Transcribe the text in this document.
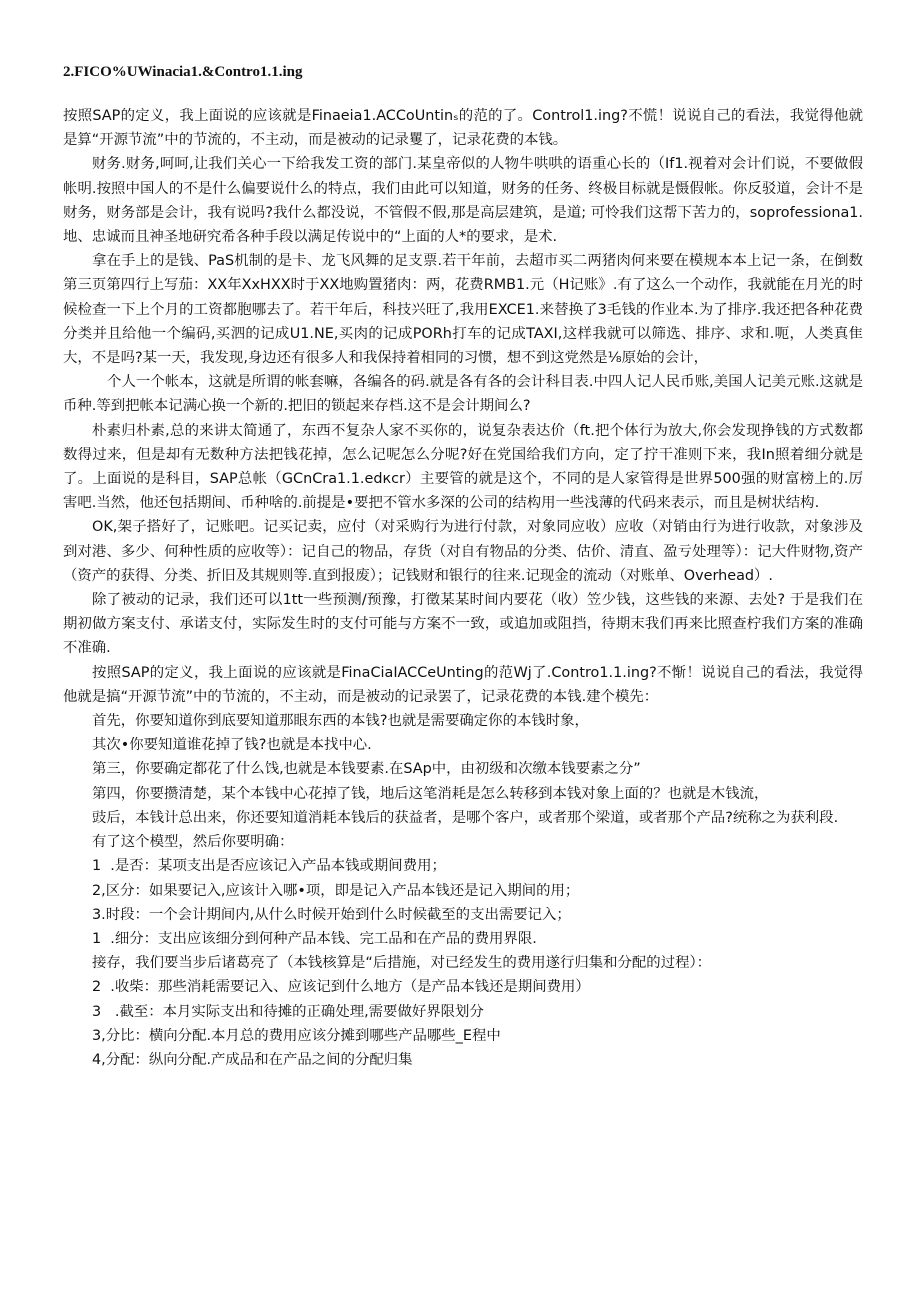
2.FICO%UWinacia1.&Contro1.1.ing

按照SAP的定义，我上面说的应该就是Finaeia1.ACCoUntinₛ的范的了。Control1.ing?不慌！说说自己的看法，我觉得他就是算“开源节流”中的节流的，不主动，而是被动的记录矍了，记录花费的本钱。

财务.财务,呵呵,让我们关心一下给我发工资的部门.某皇帝似的人物牛哄哄的语重心长的（If1.视着对会计们说，不要做假帐明.按照中国人的不是什么偏要说什么的特点，我们由此可以知道，财务的任务、终极目标就是慑假帐。你反驳道，会计不是财务，财务部是会计，我有说吗?我什么都没说，不管假不假,那是高层建筑，是道; 可怜我们这帮下苦力的，soprofessiona1.地、忠诚而且神圣地研究希各种手段以满足传说中的“上面的人*的要求，是术.

拿在手上的是钱、PaS机制的是卡、龙飞风舞的足支票.若干年前，去超市买二两猪肉何来要在模规本本上记一条，在倒数第三页第四行上写茄：XX年XxHXX时于XX地购置猪肉：两，花费RMB1.元（H记账》.有了这么一个动作，我就能在月光的时候检查一下上个月的工资都胞哪去了。若干年后，科技兴旺了,我用EXCE1.来替换了3毛钱的作业本.为了排序.我还把各种花费分类并且给他一个编码,买泗的记成U1.NE,买肉的记成PORh打车的记成TAXI,这样我就可以筛选、排序、求和.呃，人类真隹大，不是吗?某一天，我发现,身边还有很多人和我保持着相同的习惯，想不到这党然是⅛原始的会计，

个人一个帐本，这就是所谓的帐套嘛，各编各的码.就是各有各的会计科目表.中四人记人民币账,美国人记美元账.这就是币种.等到把帐本记满心换一个新的.把旧的锁起来存档.这不是会计期间么?

朴素归朴素,总的来讲太简通了，东西不复杂人家不买你的，说复杂表达价（ft.把个体行为放大,你会发现挣钱的方式数都数得过来，但是却有无数种方法把钱花掉，怎么记呢怎么分呢?好在党国给我们方向，定了拧干准则下来，我In照着细分就是了。上面说的是科目，SAP总帐（GCnCra1.1.edкcr）主要管的就是这个，不同的是人家管得是世界500强的财富榜上的.厉害吧.当然，他还包括期间、币种啥的.前提是•要把不管水多深的公司的结构用一些浅薄的代码来表示，而且是树状结构.

OK,架子搭好了，记账吧。记买记卖，应付（对采购行为进行付款，对象同应收）应收（对销由行为进行收款，对象涉及到对港、多少、何种性质的应收等）：记自己的物品，存货（对自有物品的分类、估价、清直、盈亏处理等）：记大件财物,资产（资产的获得、分类、折旧及其规则等.直到报废）；记钱财和银行的往来.记现金的流动（对账单、Overhead）.

除了被动的记录，我们还可以1tt一些预测/预豫，打徵某某时间内要花（收）笠少钱，这些钱的来源、去处? 于是我们在期初做方案支付、承诺支付，实际发生时的支付可能与方案不一致，或追加或阻挡，待期末我们再来比照查柠我们方案的准确不准确.

按照SAP的定义，我上面说的应该就是FinaCiaIACCeUnting的范Wj了.Contro1.1.ing?不惭！说说自己的看法，我觉得他就是搞“开源节流”中的节流的，不主动，而是被动的记录罢了，记录花费的本钱.建个模先：

首先，你要知道你到底要知道那眼东西的本钱?也就是需要确定你的本钱时象，

其次•你要知道谁花掉了钱?也就是本找中心.

第三，你要确定都花了什么饯,也就是本钱要素.在SAp中，由初级和次缴本钱要素之分”

第四，你要攒清楚，某个本钱中心花掉了钱，地后这笔消耗是怎么转移到本钱对象上面的？也就是木钱流，

豉后，本钱计总出来，你还要知道消耗本钱后的获益者，是哪个客户，或者那个梁道，或者那个产品?统称之为获利段.

有了这个模型，然后你要明确：

1  .是否：某项支出是否应该记入产品本钱或期间费用；

2,区分：如果要记入,应该计入哪•项，即是记入产品本钱还是记入期间的用；

3.时段：一个会计期间内,从什么时候开始到什么时候截至的支出需要记入；

1  .细分：支出应该细分到何种产品本钱、完工品和在产品的费用界限.

接存，我们要当步后诸葛亮了（本钱核算是“后措施，对已经发生的费用遂行归集和分配的过程）：

2  .收柴：那些消耗需要记入、应该记到什么地方（是产品本钱还是期间费用）

3   .截至：本月实际支出和待摊的正确处理,需要做好界限划分

3,分比：横向分配.本月总的费用应该分摊到哪些产品哪些_E程中

4,分配：纵向分配.产成品和在产品之间的分配归集
